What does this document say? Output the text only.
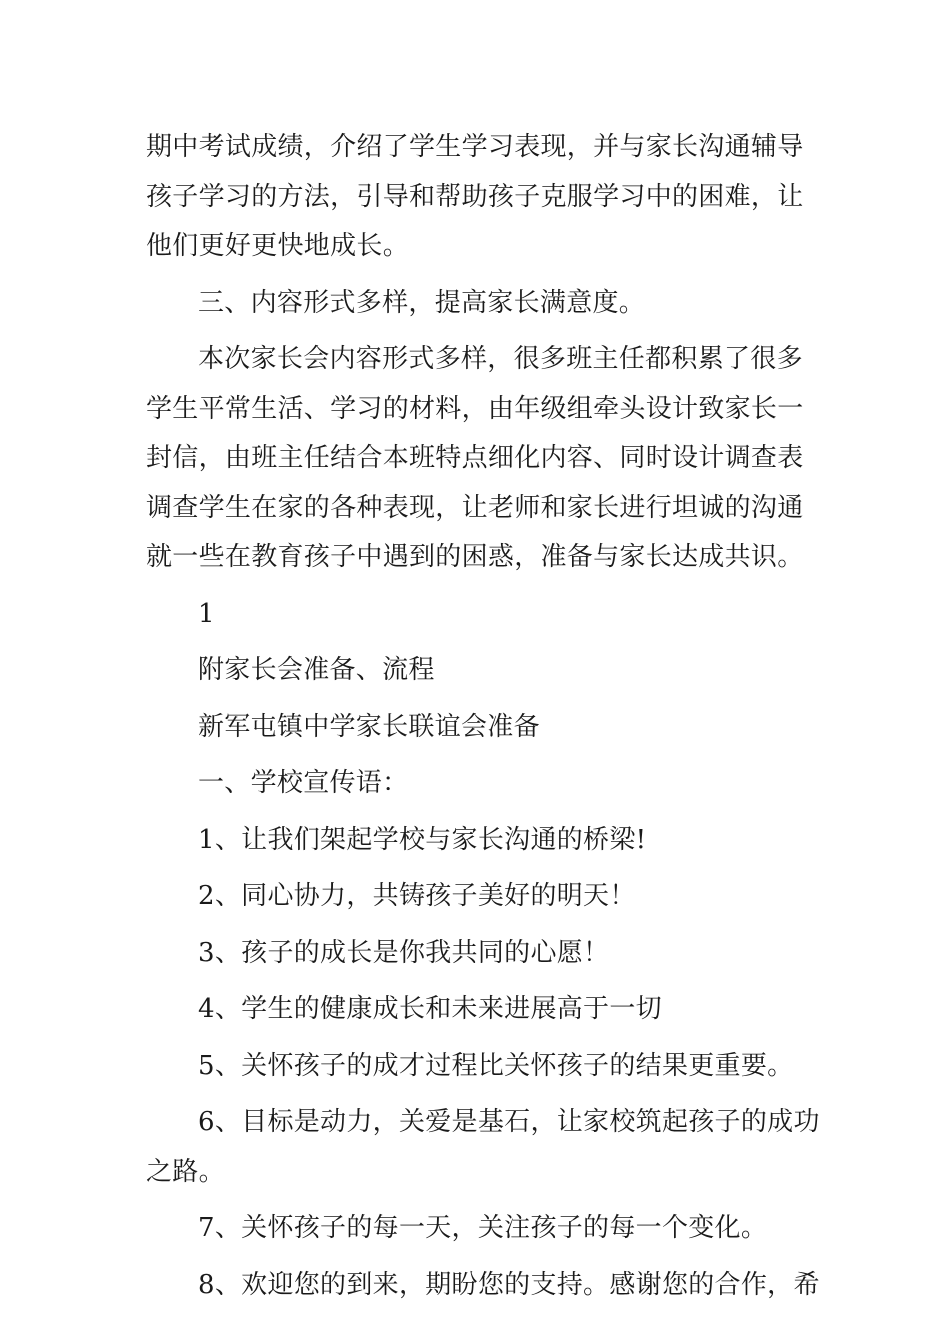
期中考试成绩，介绍了学生学习表现，并与家长沟通辅导
孩子学习的方法，引导和帮助孩子克服学习中的困难，让
他们更好更快地成长。
三、内容形式多样，提高家长满意度。
本次家长会内容形式多样，很多班主任都积累了很多
学生平常生活、学习的材料，由年级组牵头设计致家长一
封信，由班主任结合本班特点细化内容、同时设计调查表
调查学生在家的各种表现，让老师和家长进行坦诚的沟通
就一些在教育孩子中遇到的困惑，准备与家长达成共识。
1
附家长会准备、流程
新军屯镇中学家长联谊会准备
一、学校宣传语：
1、让我们架起学校与家长沟通的桥梁!
2、同心协力，共铸孩子美好的明天！
3、孩子的成长是你我共同的心愿！
4、学生的健康成长和未来进展高于一切
5、关怀孩子的成才过程比关怀孩子的结果更重要。
6、目标是动力，关爱是基石，让家校筑起孩子的成功
之路。
7、关怀孩子的每一天，关注孩子的每一个变化。
8、欢迎您的到来，期盼您的支持。感谢您的合作，希
